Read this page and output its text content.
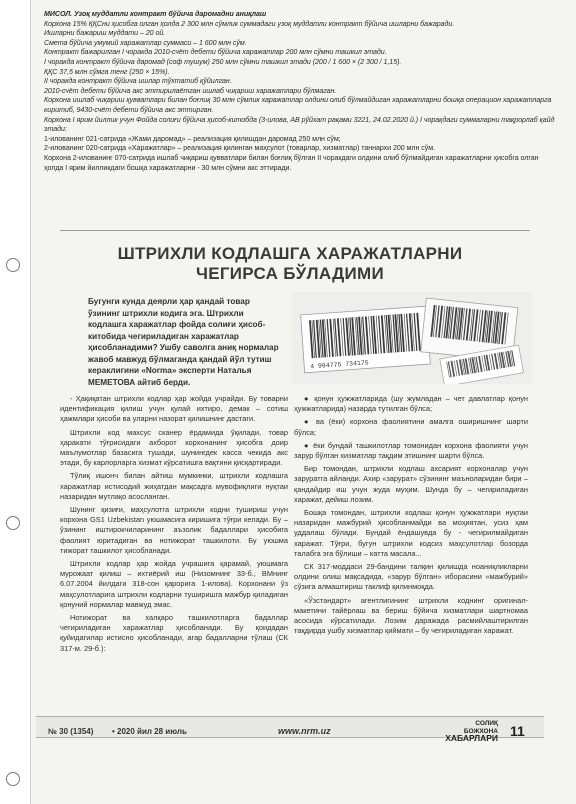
МИСОЛ. Узоқ муддатли контракт бўйича даромадни аниқлаш

Корхона 15% ҚҚСни ҳисобга олган ҳолда 2 300 млн сўмлик суммадаги узоқ муддатли контракт бўйича ишларни бажаради.

Ишларни бажариш муддати – 20 ой.

Смета бўйича умумий харажатлар суммаси – 1 600 млн сўм.

Контракт бажарилган I чоракда 2010-счёт дебети бўйича харажатлар 200 млн сўмни ташкил этади.

I чоракда контракт бўйича даромад (соф тушум) 250 млн сўмни ташкил этади (200 / 1 600 × (2 300 / 1,15).

ҚҚС 37,5 млн сўмга тенг (250 × 15%).

II чоракда контракт бўйича ишлар тўхтатиб қўйилган.

2010-счёт дебети бўйича акс эттирилаётган ишлаб чиқариш харажатлари бўлмаган.

Корхона ишлаб чиқариш қувватлари билан боғлиқ 30 млн сўмлик харажатлар олдини олиб бўлмайдиган харажатларни бошқа операцион харажатларга киритиб, 9430-счёт дебети бўйича акс эттирган.

Корхона I ярим йиллик учун Фойда солиғи бўйича ҳисоб-китобда (3-илова, АВ рўйхат рақами 3221, 24.02.2020 й.) I чорақдаги суммаларни тақрорлаб қайд этади:

1-илованинг 021-сатрида «Жами даромад» – реализация қилишдан даромад 250 млн сўм;

2-илованинг 020-сатрида «Харажатлар» – реализация қилинган маҳсулот (товарлар, хизматлар) таннархи 200 млн сўм.

Корхона 2-илованинг 070-сатрида ишлаб чиқариш қувватлари билан боғлиқ бўлган II чоракдаги олдини олиб бўлмайдиган харажатларни ҳисобга олган ҳолда I ярим йилликдаги бошқа харажатларни - 30 млн сўмни акс эттиради.

ШТРИХЛИ КОДЛАШГА ХАРАЖАТЛАРНИ
ЧЕГИРСА БЎЛАДИМИ

Бугунги кунда деярли ҳар қандай товар ўзининг штрихли кодига эга. Штрихли кодлашга харажатлар фойда солиғи ҳисоб-китобида чегириладиган харажатлар ҳисобланадими? Ушбу саволга аниқ нормалар жавоб мавжуд бўлмаганда қандай йўл тутиш кераклигини «Norma» эксперти Наталья МЕМЕТОВА айтиб берди.

4 994775 734175

- Ҳақиқатан штрихли кодлар ҳар жойда учрайди. Бу товарни идентификация қилиш учун қулай ихтиро, демак – сотиш ҳажмлари ҳисоби ва уларни назорат қилишнинг дастаги.

Штрихли код махсус сканер ёрдамида ўқилади, товар ҳаракати тўғрисидаги ахборот корхонанинг ҳисобга доир маълумотлар базасига тушади, шунингдек касса чекида акс этади, бу карлорларга хизмат кўрсатишга вақтини қисқартиради.

Тўлиқ ишонч билан айтиш мумкинки, штрихли кодлашга харажатлар истисодий жиҳатдан мақсадга мувофиқлиги нуқтаи назаридан мутлақо асосланган.

Шунинг қизиғи, маҳсулотга штрихли кодни тушириш учун корхона GS1 Uzbekistan уюшмасига киришига тўғри келади. Бу – ўзининг иштирокчиларининг аъзолик бадаллари ҳисобига фаолият юритадиган ва нотижорат ташкилоти. Бу уюшма тижорат ташкилот ҳисобланади.

Штрихли кодлар ҳар жойда учрашига қарамай, уюшмага мурожаат қилиш – ихтиёрий иш (Низомнинг 33-б., ВМнинг 6.07.2004 йилдаги 318-сон қарорига 1-илова). Корхонани ўз маҳсулотларига штрихли кодларни туширишга мажбур қиладиган қонуний нормалар мавжуд эмас.

Нотижорат ва халқаро ташкилотларга бадаллар чегириладиган харажатлар ҳисобланади. Бу қоидадан қуйидагилар истисно ҳисобланади, агар бадалларни тўлаш (СК 317-м. 29-б.):

● қонун ҳужжатларида (шу жумладан – чет давлатлар қонун ҳужжатларида) назарда тутилган бўлса;

● ва (ёки) корхона фаолиятини амалга оширишнинг шарти бўлса;

● ёки бундай ташкилотлар томонидан корхона фаолияти учун зарур бўлган хизматлар тақдим этишнинг шарти бўлса.

Бир томондан, штрихли кодлаш ахсарият корхоналар учун заруратга айланди. Ахир «зарурат» сўзининг маъноларидан бири – қандайдир иш учун жуда муҳим. Шунда бу – чегириладиган харажат, дейиш лозим.

Бошқа томондан, штрихли кодлаш қонун ҳужжатлари нуқтаи назаридан мажбурий ҳисобланмайди ва моҳиятан, усиз ҳам уддалаш бўлади. Бундай ёндашувда бу - чегирилмайдиган харажат. Тўғри, бугун штрихли кодсиз маҳсулотлар бозорда талабга эга бўлиши – катта масала...

СК 317-моддаси 29-бандини талқин қилишда ноаниқликларни олдини олиш мақсадида, «зарур бўлган» иборасини «мажбурий» сўзига алмаштириш таклиф қилинмоқда.

«Ўзстандарт» агентлигининг штрихли коднинг оригинал-макетини тайёрлаш ва бериш бўйича хизматлари шартномаа асосида кўрсатилади. Лозим даражада расмийлаштирилган тақдирда ушбу хизматлар қиймати – бу чегириладиган харажат.

№ 30 (1354) • 2020 йил 28 июль	www.nrm.uz
СОЛИҚ
БОЖХОНА ХАБАРЛАРИ 11
